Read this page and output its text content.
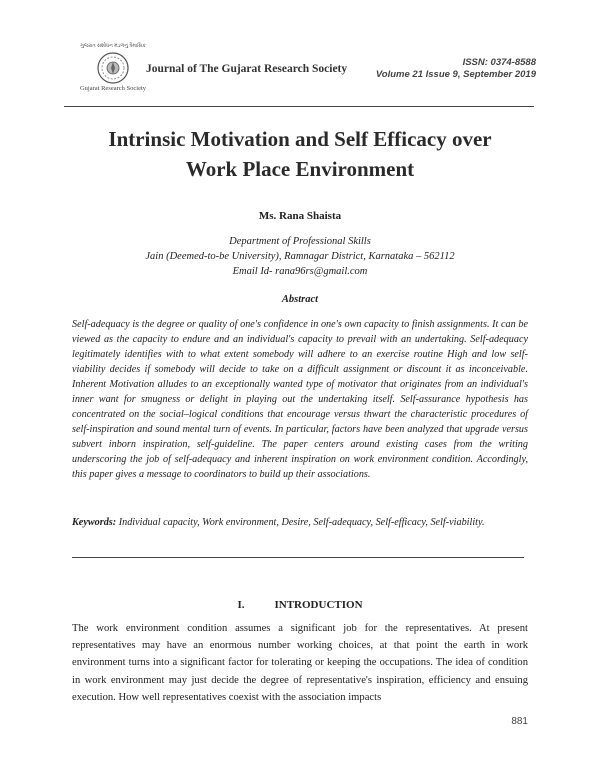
ગુજરાત સંશોધન મંડળનું ત્રૈમાસિક
Gujarat Research Society
Journal of The Gujarat Research Society
ISSN: 0374-8588
Volume 21 Issue 9, September 2019
Intrinsic Motivation and Self Efficacy over
Work Place Environment
Ms. Rana Shaista
Department of Professional Skills
Jain (Deemed-to-be University), Ramnagar District, Karnataka – 562112
Email Id- rana96rs@gmail.com
Abstract

Self-adequacy is the degree or quality of one's confidence in one's own capacity to finish assignments. It can be viewed as the capacity to endure and an individual's capacity to prevail with an undertaking. Self-adequacy legitimately identifies with to what extent somebody will adhere to an exercise routine High and low self-viability decides if somebody will decide to take on a difficult assignment or discount it as inconceivable. Inherent Motivation alludes to an exceptionally wanted type of motivator that originates from an individual's inner want for smugness or delight in playing out the undertaking itself. Self-assurance hypothesis has concentrated on the social–logical conditions that encourage versus thwart the characteristic procedures of self-inspiration and sound mental turn of events. In particular, factors have been analyzed that upgrade versus subvert inborn inspiration, self-guideline. The paper centers around existing cases from the writing underscoring the job of self-adequacy and inherent inspiration on work environment condition. Accordingly, this paper gives a message to coordinators to build up their associations.

Keywords: Individual capacity, Work environment, Desire, Self-adequacy, Self-efficacy, Self-viability.

I.	INTRODUCTION

The work environment condition assumes a significant job for the representatives. At present representatives may have an enormous number working choices, at that point the earth in work environment turns into a significant factor for tolerating or keeping the occupations. The idea of condition in work environment may just decide the degree of representative's inspiration, efficiency and ensuing execution. How well representatives coexist with the association impacts

881
